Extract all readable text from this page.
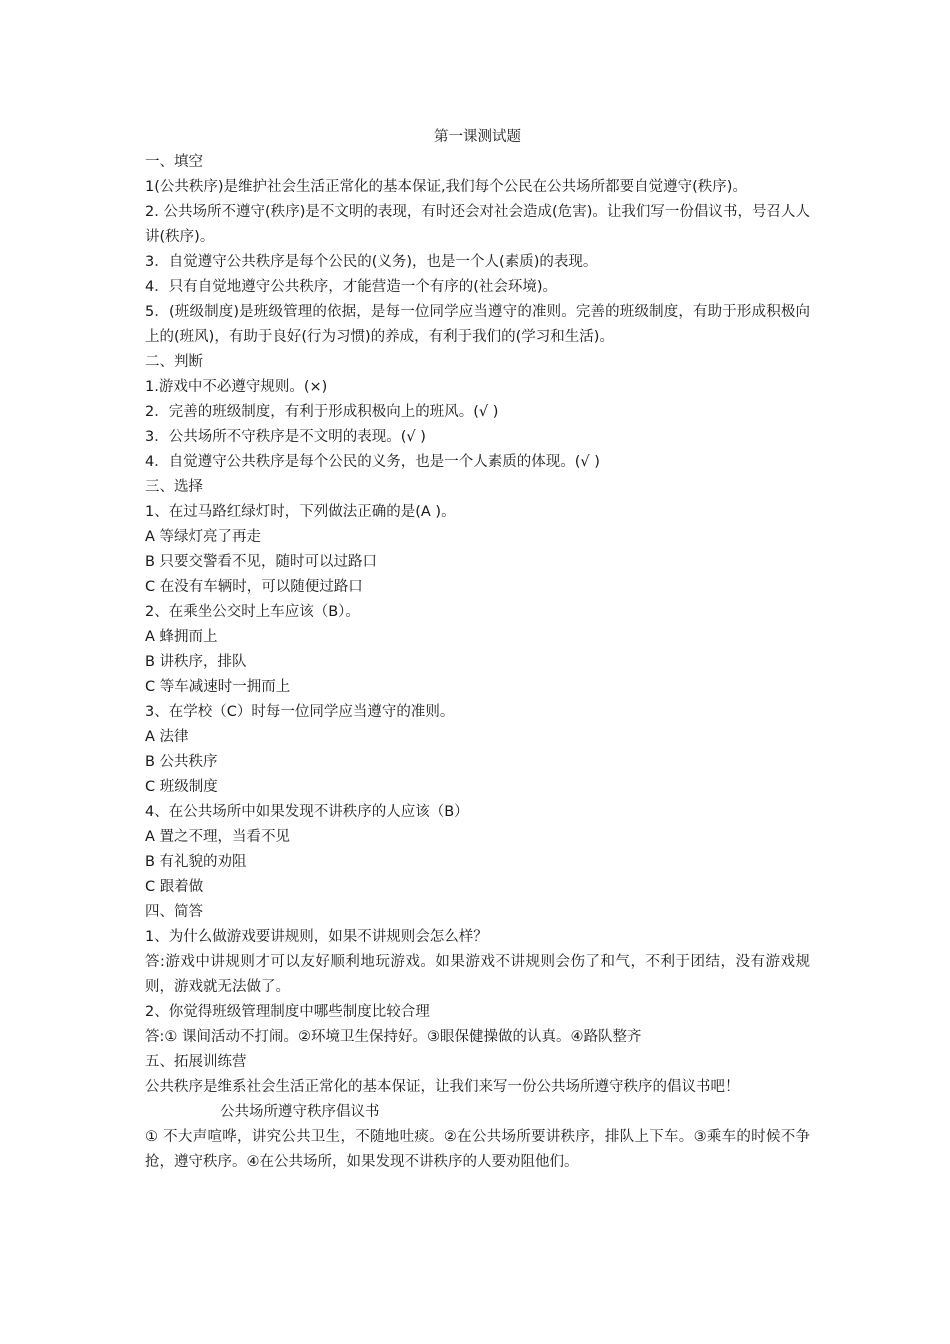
第一课测试题
一、填空
1(公共秩序)是维护社会生活正常化的基本保证,我们每个公民在公共场所都要自觉遵守(秩序)。
2. 公共场所不遵守(秩序)是不文明的表现，有时还会对社会造成(危害)。让我们写一份倡议书，号召人人讲(秩序)。
3．自觉遵守公共秩序是每个公民的(义务)，也是一个人(素质)的表现。
4．只有自觉地遵守公共秩序，才能营造一个有序的(社会环境)。
5．(班级制度)是班级管理的依据，是每一位同学应当遵守的准则。完善的班级制度，有助于形成积极向上的(班风)，有助于良好(行为习惯)的养成，有利于我们的(学习和生活)。
二、判断
1.游戏中不必遵守规则。(×)
2．完善的班级制度，有利于形成积极向上的班风。(√ )
3．公共场所不守秩序是不文明的表现。(√ )
4．自觉遵守公共秩序是每个公民的义务，也是一个人素质的体现。(√ )
三、选择
1、在过马路红绿灯时，下列做法正确的是(A )。
A 等绿灯亮了再走
B 只要交警看不见，随时可以过路口
C 在没有车辆时，可以随便过路口
2、在乘坐公交时上车应该（B）。
A 蜂拥而上
B 讲秩序，排队
C 等车减速时一拥而上
3、在学校（C）时每一位同学应当遵守的准则。
A 法律
B 公共秩序
C 班级制度
4、在公共场所中如果发现不讲秩序的人应该（B）
A 置之不理，当看不见
B 有礼貌的劝阻
C 跟着做
四、简答
1、为什么做游戏要讲规则，如果不讲规则会怎么样？
答:游戏中讲规则才可以友好顺利地玩游戏。如果游戏不讲规则会伤了和气，不利于团结，没有游戏规则，游戏就无法做了。
2、你觉得班级管理制度中哪些制度比较合理
答:① 课间活动不打闹。②环境卫生保持好。③眼保健操做的认真。④路队整齐
五、拓展训练营
公共秩序是维系社会生活正常化的基本保证，让我们来写一份公共场所遵守秩序的倡议书吧！
公共场所遵守秩序倡议书
① 不大声喧哗，讲究公共卫生，不随地吐痰。②在公共场所要讲秩序，排队上下车。③乘车的时候不争抢，遵守秩序。④在公共场所，如果发现不讲秩序的人要劝阻他们。
